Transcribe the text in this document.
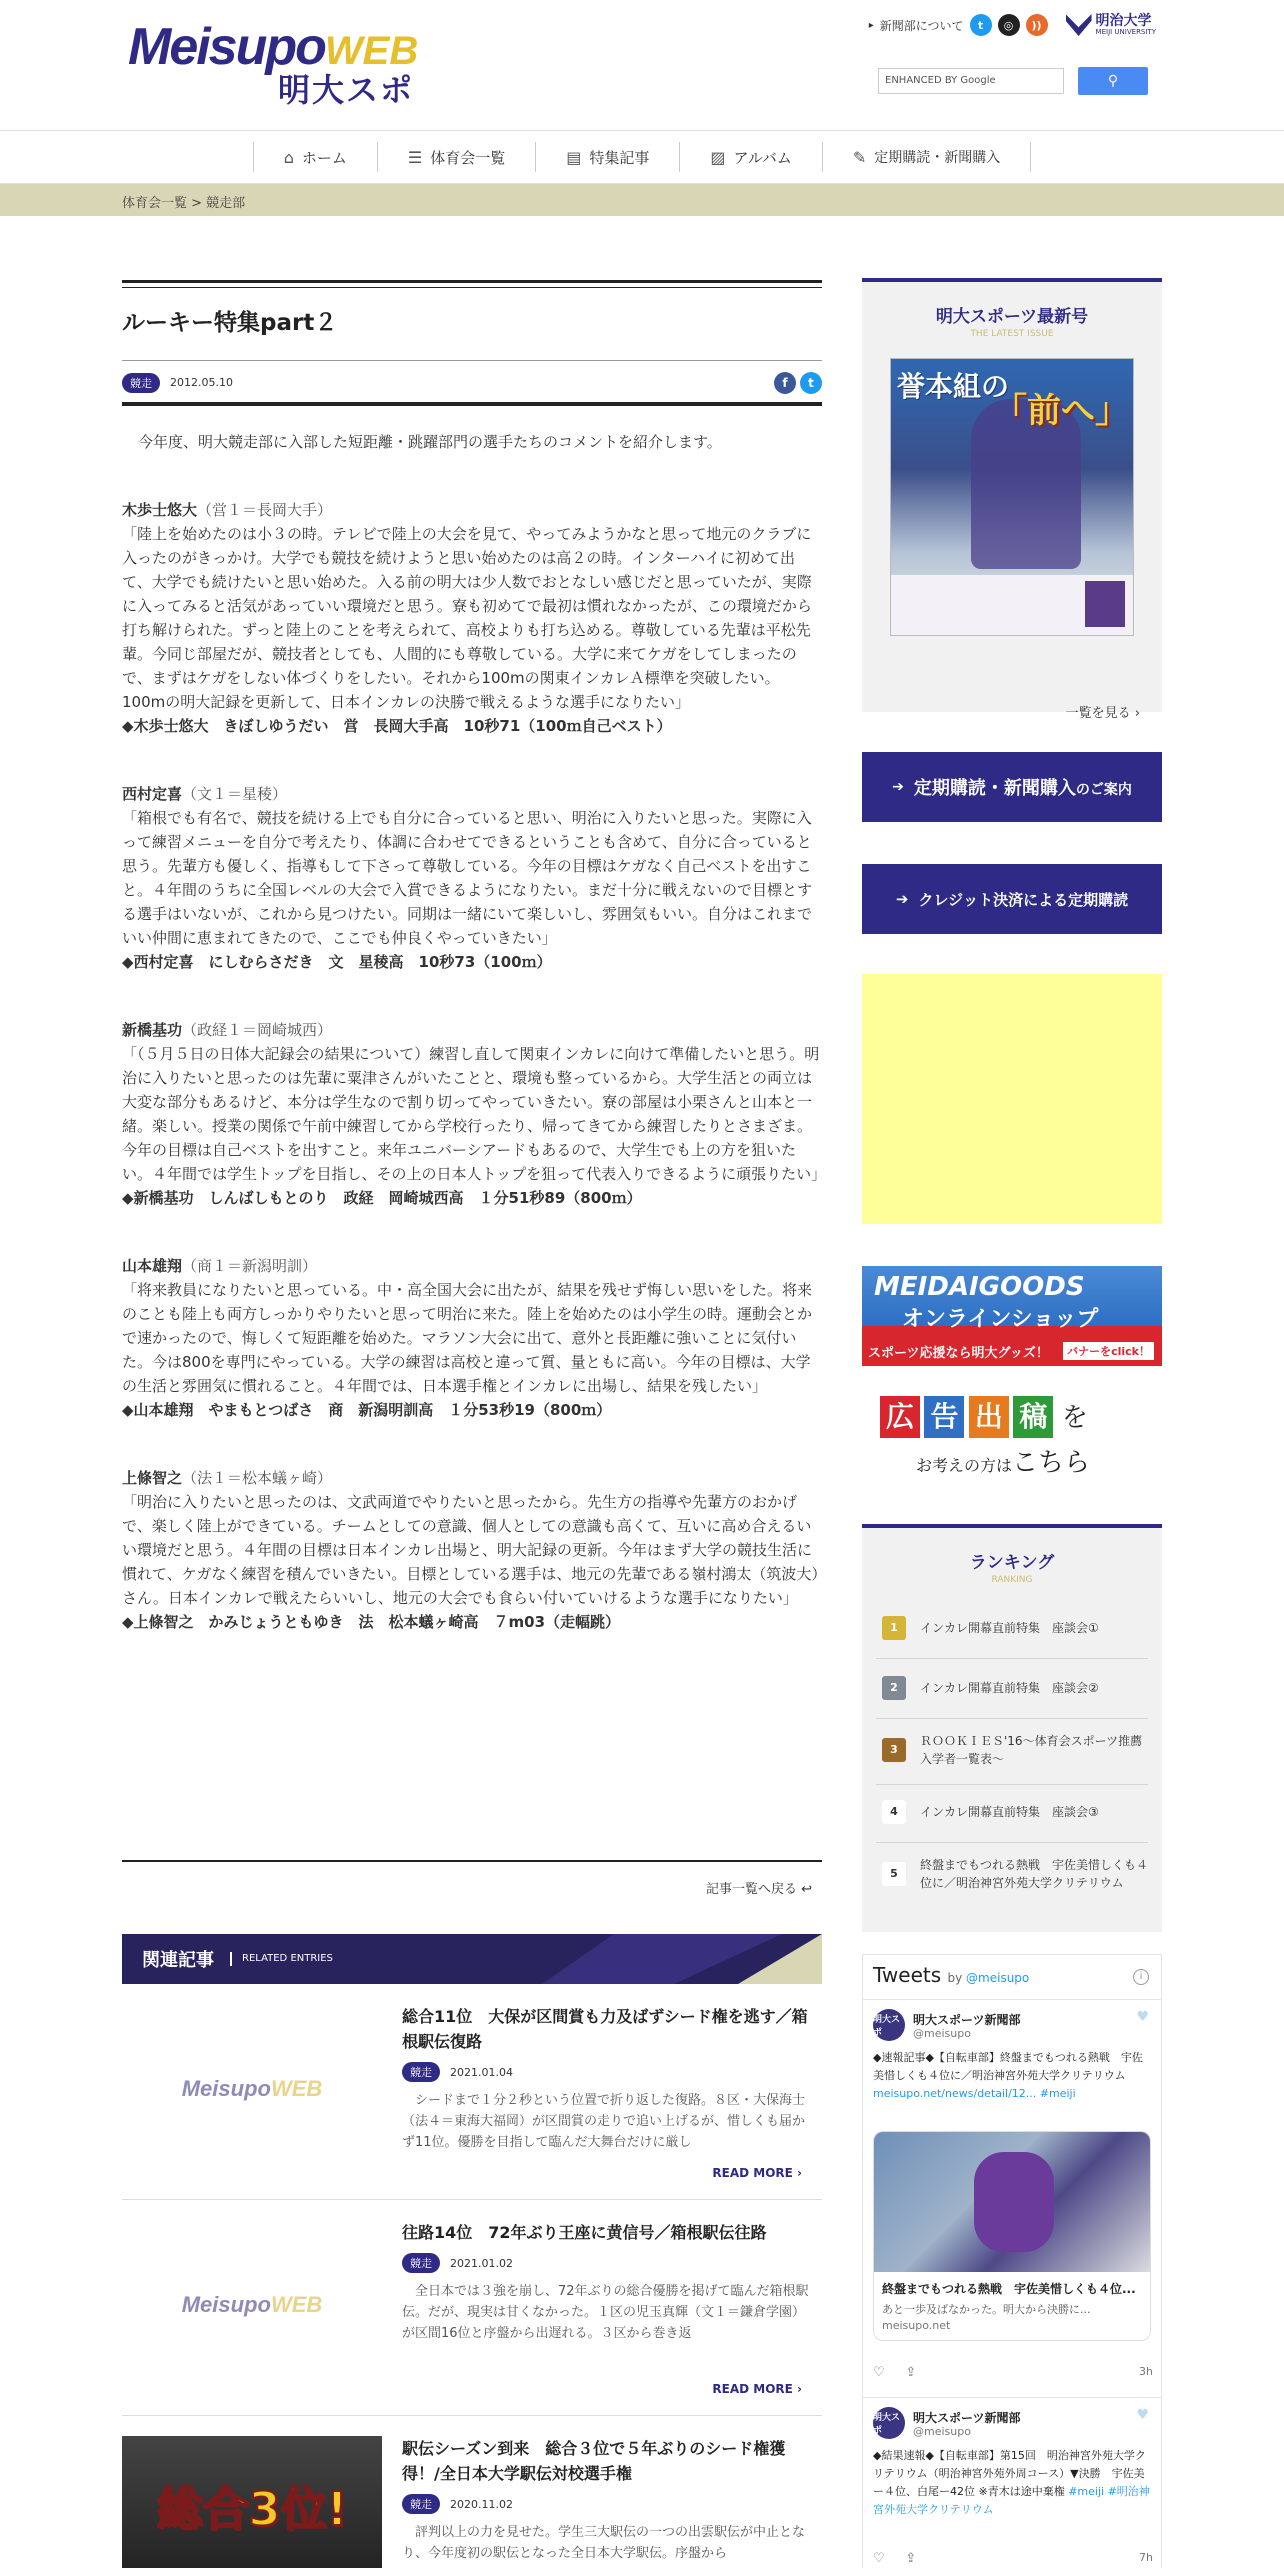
MeisupoWEB
明大スポ
▸ 新聞部について	t	◎	))	明治大学
MEIJI UNIVERSITY
ENHANCED BY Google	⚲
⌂ ホーム	☰ 体育会一覧	▤ 特集記事	▨ アルバム	✎ 定期購読・新聞購入
体育会一覧 > 競走部
ルーキー特集part２
競走	2012.05.10	f	t

今年度、明大競走部に入部した短距離・跳躍部門の選手たちのコメントを紹介します。

木歩士悠大（営１＝長岡大手）

「陸上を始めたのは小３の時。テレビで陸上の大会を見て、やってみようかなと思って地元のクラブに入ったのがきっかけ。大学でも競技を続けようと思い始めたのは高２の時。インターハイに初めて出て、大学でも続けたいと思い始めた。入る前の明大は少人数でおとなしい感じだと思っていたが、実際に入ってみると活気があっていい環境だと思う。寮も初めてで最初は慣れなかったが、この環境だから打ち解けられた。ずっと陸上のことを考えられて、高校よりも打ち込める。尊敬している先輩は平松先輩。今同じ部屋だが、競技者としても、人間的にも尊敬している。大学に来てケガをしてしまったので、まずはケガをしない体づくりをしたい。それから100mの関東インカレＡ標準を突破したい。100mの明大記録を更新して、日本インカレの決勝で戦えるような選手になりたい」

◆木歩士悠大　きぼしゆうだい　営　長岡大手高　10秒71（100ｍ自己ベスト）

西村定喜（文１＝星稜）

「箱根でも有名で、競技を続ける上でも自分に合っていると思い、明治に入りたいと思った。実際に入って練習メニューを自分で考えたり、体調に合わせてできるということも含めて、自分に合っていると思う。先輩方も優しく、指導もして下さって尊敬している。今年の目標はケガなく自己ベストを出すこと。４年間のうちに全国レベルの大会で入賞できるようになりたい。まだ十分に戦えないので目標とする選手はいないが、これから見つけたい。同期は一緒にいて楽しいし、雰囲気もいい。自分はこれまでいい仲間に恵まれてきたので、ここでも仲良くやっていきたい」

◆西村定喜　にしむらさだき　文　星稜高　10秒73（100ｍ）

新橋基功（政経１＝岡崎城西）

「（５月５日の日体大記録会の結果について）練習し直して関東インカレに向けて準備したいと思う。明治に入りたいと思ったのは先輩に粟津さんがいたことと、環境も整っているから。大学生活との両立は大変な部分もあるけど、本分は学生なので割り切ってやっていきたい。寮の部屋は小栗さんと山本と一緒。楽しい。授業の関係で午前中練習してから学校行ったり、帰ってきてから練習したりとさまざま。今年の目標は自己ベストを出すこと。来年ユニバーシアードもあるので、大学生でも上の方を狙いたい。４年間では学生トップを目指し、その上の日本人トップを狙って代表入りできるように頑張りたい」

◆新橋基功　しんばしもとのり　政経　岡崎城西高　１分51秒89（800ｍ）

山本雄翔（商１＝新潟明訓）

「将来教員になりたいと思っている。中・高全国大会に出たが、結果を残せず悔しい思いをした。将来のことも陸上も両方しっかりやりたいと思って明治に来た。陸上を始めたのは小学生の時。運動会とかで速かったので、悔しくて短距離を始めた。マラソン大会に出て、意外と長距離に強いことに気付いた。今は800を専門にやっている。大学の練習は高校と違って質、量ともに高い。今年の目標は、大学の生活と雰囲気に慣れること。４年間では、日本選手権とインカレに出場し、結果を残したい」

◆山本雄翔　やまもとつばさ　商　新潟明訓高　１分53秒19（800ｍ）

上條智之（法１＝松本蟻ヶ崎）

「明治に入りたいと思ったのは、文武両道でやりたいと思ったから。先生方の指導や先輩方のおかげで、楽しく陸上ができている。チームとしての意識、個人としての意識も高くて、互いに高め合えるいい環境だと思う。４年間の目標は日本インカレ出場と、明大記録の更新。今年はまず大学の競技生活に慣れて、ケガなく練習を積んでいきたい。目標としている選手は、地元の先輩である嶺村鴻太（筑波大）さん。日本インカレで戦えたらいいし、地元の大会でも食らい付いていけるような選手になりたい」

◆上條智之　かみじょうともゆき　法　松本蟻ヶ崎高　７m03（走幅跳）

記事一覧へ戻る ↩
関連記事	RELATED ENTRIES
MeisupoWEB
総合11位　大保が区間賞も力及ばずシード権を逃す／箱根駅伝復路
競走	2021.01.04
　シードまで１分２秒という位置で折り返した復路。８区・大保海士（法４＝東海大福岡）が区間賞の走りで追い上げるが、惜しくも届かず11位。優勝を目指して臨んだ大舞台だけに厳し
READ MORE ›
MeisupoWEB
往路14位　72年ぶり王座に黄信号／箱根駅伝往路
競走	2021.01.02
　全日本では３強を崩し、72年ぶりの総合優勝を掲げて臨んだ箱根駅伝。だが、現実は甘くなかった。１区の児玉真輝（文１＝鎌倉学園）が区間16位と序盤から出遅れる。３区から巻き返
READ MORE ›
総合3位!
駅伝シーズン到来　総合３位で５年ぶりのシード権獲得！/全日本大学駅伝対校選手権
競走	2020.11.02
　評判以上の力を見せた。学生三大駅伝の一つの出雲駅伝が中止となり、今年度初の駅伝となった全日本大学駅伝。序盤から
明大スポーツ最新号
THE LATEST ISSUE
誉本組の
「前へ」
一覧を見る ›
➔ 定期購読・新聞購入のご案内
➔ クレジット決済による定期購読
MEIDAIGOODS
オンラインショップ
スポーツ応援なら明大グッズ！	バナーをclick！
広 告 出 稿 を
お考えの方はこちら
ランキング
RANKING
1	インカレ開幕直前特集　座談会①
2	インカレ開幕直前特集　座談会②
3
ＲＯＯＫＩＥＳ'16～体育会スポーツ推薦入学者一覧表～
4	インカレ開幕直前特集　座談会③
5
終盤までもつれる熱戦　宇佐美惜しくも４位に／明治神宮外苑大学クリテリウム
Tweets by @meisupo	i
明大スポ
明大スポーツ新聞部
@meisupo
♥
◆速報記事◆【自転車部】終盤までもつれる熱戦　宇佐美惜しくも４位に／明治神宮外苑大学クリテリウム meisupo.net/news/detail/12... #meiji
終盤までもつれる熱戦　宇佐美惜しくも４位...
あと一歩及ばなかった。明大から決勝に...
meisupo.net
♡ ⇪	3h
明大スポ
明大スポーツ新聞部
@meisupo
♥
◆結果速報◆【自転車部】第15回　明治神宮外苑大学クリテリウム（明治神宮外苑外周コース）▼決勝　宇佐美ー４位、白尾ー42位 ※青木は途中棄権 #meiji #明治神宮外苑大学クリテリウム
♡ ⇪	7h
